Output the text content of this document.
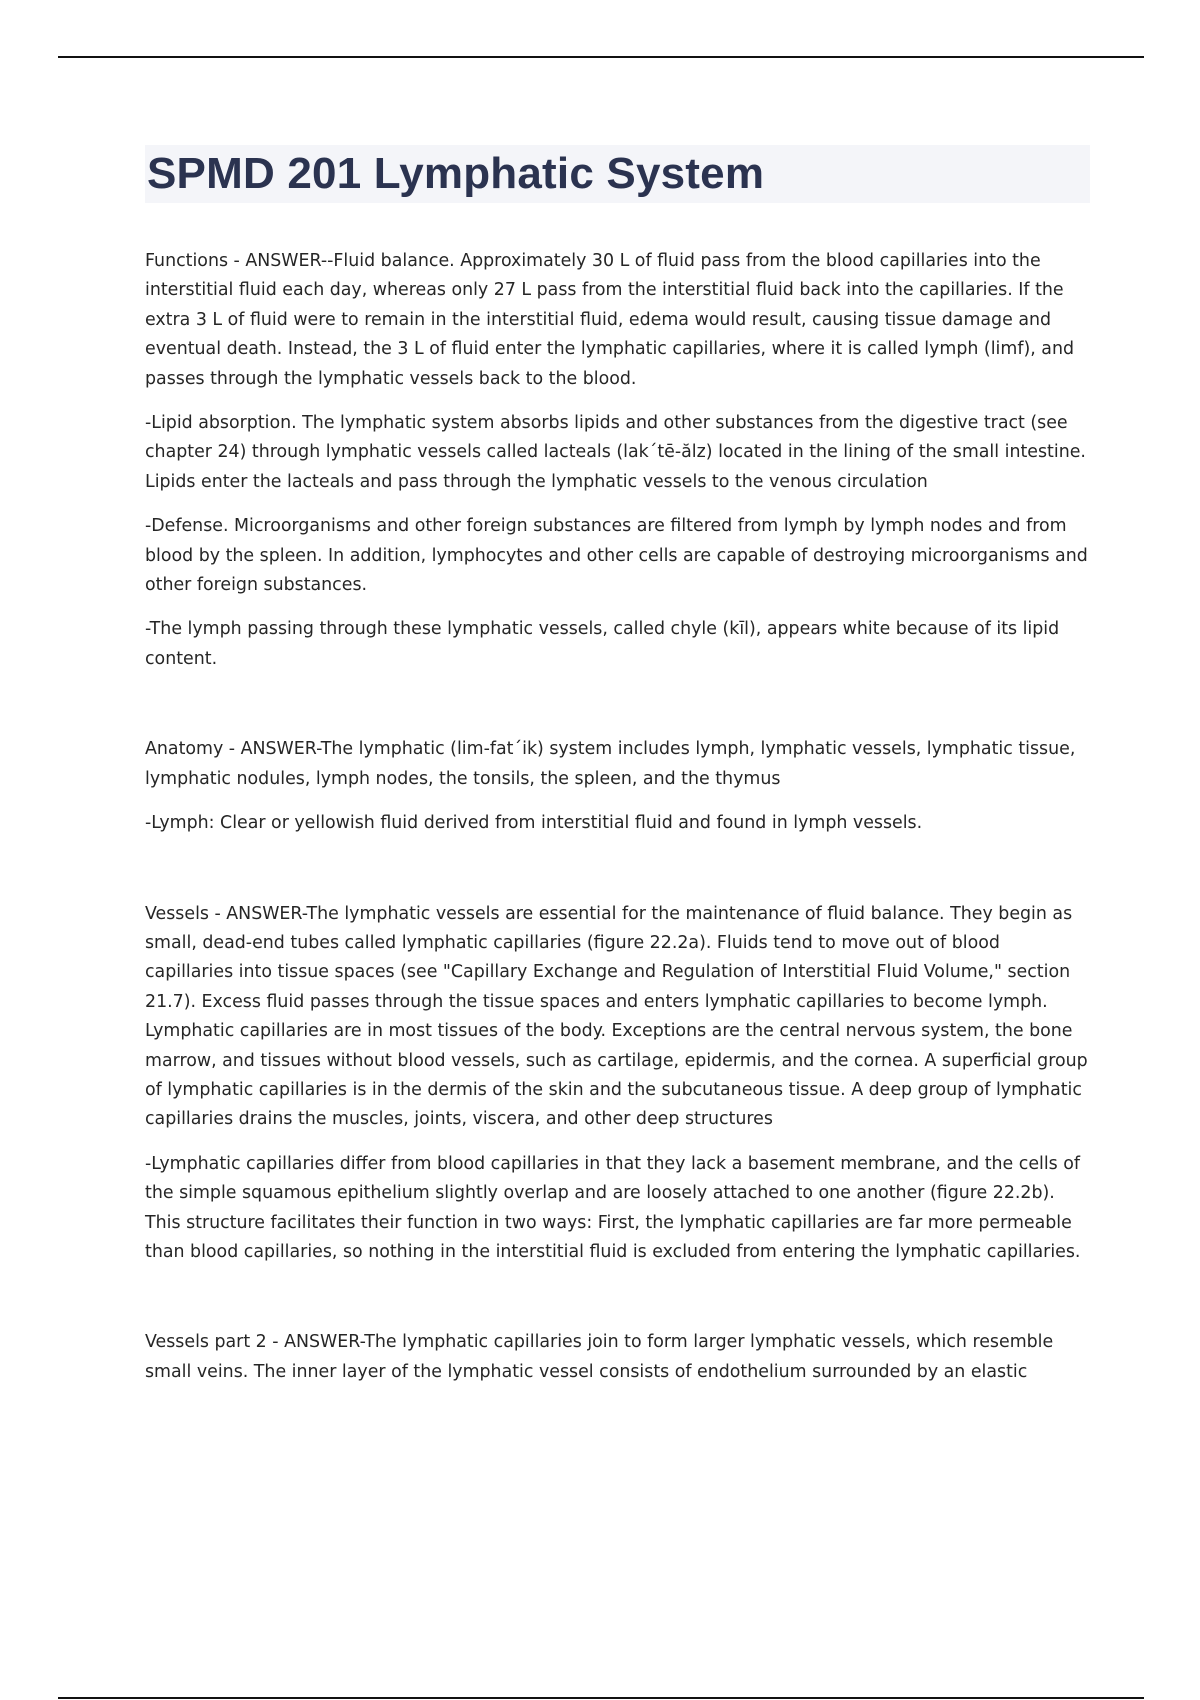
SPMD 201 Lymphatic System

Functions - ANSWER--Fluid balance. Approximately 30 L of fluid pass from the blood capillaries into the interstitial fluid each day, whereas only 27 L pass from the interstitial fluid back into the capillaries. If the extra 3 L of fluid were to remain in the interstitial fluid, edema would result, causing tissue damage and eventual death. Instead, the 3 L of fluid enter the lymphatic capillaries, where it is called lymph (limf), and passes through the lymphatic vessels back to the blood.

-Lipid absorption. The lymphatic system absorbs lipids and other substances from the digestive tract (see chapter 24) through lymphatic vessels called lacteals (lak´tē-ălz) located in the lining of the small intestine. Lipids enter the lacteals and pass through the lymphatic vessels to the venous circulation

-Defense. Microorganisms and other foreign substances are filtered from lymph by lymph nodes and from blood by the spleen. In addition, lymphocytes and other cells are capable of destroying microorganisms and other foreign substances.

-The lymph passing through these lymphatic vessels, called chyle (kīl), appears white because of its lipid content.

Anatomy - ANSWER-The lymphatic (lim-fat´ik) system includes lymph, lymphatic vessels, lymphatic tissue, lymphatic nodules, lymph nodes, the tonsils, the spleen, and the thymus

-Lymph: Clear or yellowish fluid derived from interstitial fluid and found in lymph vessels.

Vessels - ANSWER-The lymphatic vessels are essential for the maintenance of fluid balance. They begin as small, dead-end tubes called lymphatic capillaries (figure 22.2a). Fluids tend to move out of blood capillaries into tissue spaces (see "Capillary Exchange and Regulation of Interstitial Fluid Volume," section 21.7). Excess fluid passes through the tissue spaces and enters lymphatic capillaries to become lymph. Lymphatic capillaries are in most tissues of the body. Exceptions are the central nervous system, the bone marrow, and tissues without blood vessels, such as cartilage, epidermis, and the cornea. A superficial group of lymphatic capillaries is in the dermis of the skin and the subcutaneous tissue. A deep group of lymphatic capillaries drains the muscles, joints, viscera, and other deep structures

-Lymphatic capillaries differ from blood capillaries in that they lack a basement membrane, and the cells of the simple squamous epithelium slightly overlap and are loosely attached to one another (figure 22.2b). This structure facilitates their function in two ways: First, the lymphatic capillaries are far more permeable than blood capillaries, so nothing in the interstitial fluid is excluded from entering the lymphatic capillaries.

Vessels part 2 - ANSWER-The lymphatic capillaries join to form larger lymphatic vessels, which resemble small veins. The inner layer of the lymphatic vessel consists of endothelium surrounded by an elastic
